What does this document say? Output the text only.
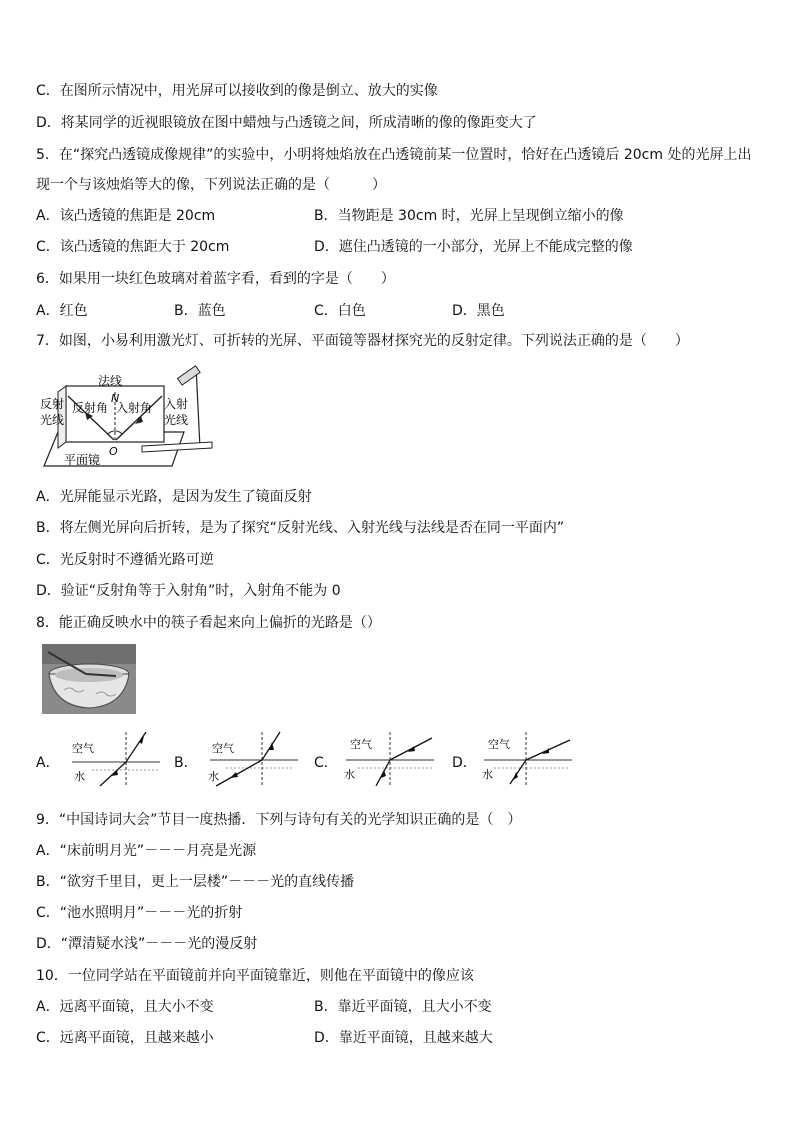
C．在图所示情况中，用光屏可以接收到的像是倒立、放大的实像
D．将某同学的近视眼镜放在图中蜡烛与凸透镜之间，所成清晰的像的像距变大了
5．在“探究凸透镜成像规律”的实验中，小明将烛焰放在凸透镜前某一位置时，恰好在凸透镜后 20cm 处的光屏上出
现一个与该烛焰等大的像，下列说法正确的是（　　　）
A．该凸透镜的焦距是 20cm	B．当物距是 30cm 时，光屏上呈现倒立缩小的像
C．该凸透镜的焦距大于 20cm	D．遮住凸透镜的一小部分，光屏上不能成完整的像
6．如果用一块红色玻璃对着蓝字看，看到的字是（　　）
A．红色	B．蓝色	C．白色	D．黑色
7．如图，小易利用激光灯、可折转的光屏、平面镜等器材探究光的反射定律。下列说法正确的是（　　）
法线
N
反射角 入射角
反射
光线
入射
光线
O
平面镜
A．光屏能显示光路，是因为发生了镜面反射
B．将左侧光屏向后折转，是为了探究“反射光线、入射光线与法线是否在同一平面内”
C．光反射时不遵循光路可逆
D．验证“反射角等于入射角”时，入射角不能为 0
8．能正确反映水中的筷子看起来向上偏折的光路是（）
A．
空气
水
B．
空气
水
C．
空气
水
D．
空气
水
9．“中国诗词大会”节目一度热播．下列与诗句有关的光学知识正确的是（　）
A．“床前明月光”－－－月亮是光源
B．“欲穷千里目，更上一层楼”－－－光的直线传播
C．“池水照明月”－－－光的折射
D．“潭清疑水浅”－－－光的漫反射
10．一位同学站在平面镜前并向平面镜靠近，则他在平面镜中的像应该
A．远离平面镜，且大小不变	B．靠近平面镜，且大小不变
C．远离平面镜，且越来越小	D．靠近平面镜，且越来越大
